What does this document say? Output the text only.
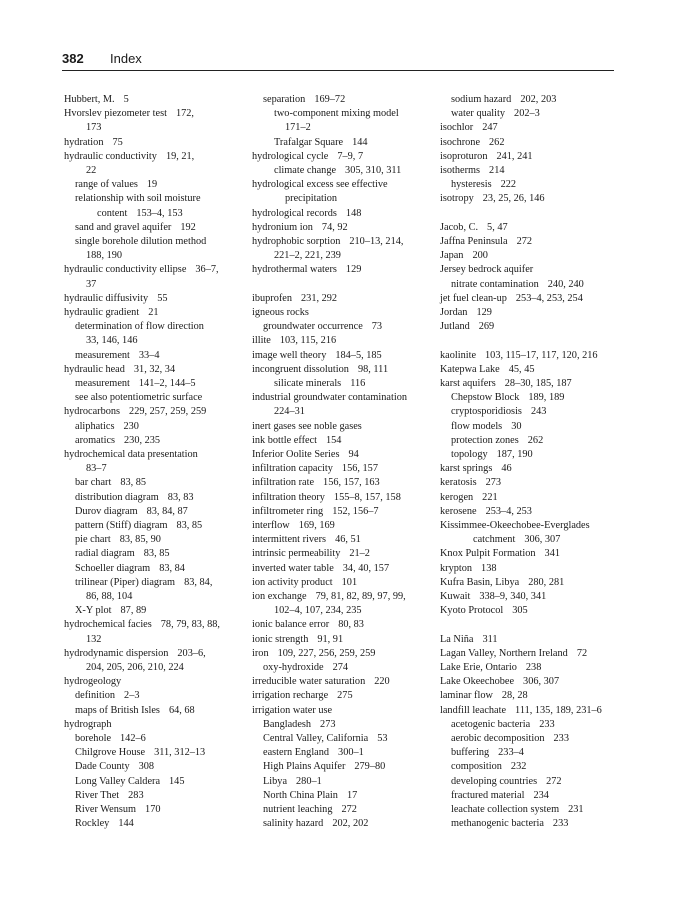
382 Index
Hubbert, M. 5
Hvorslev piezometer test 172,
173
hydration 75
hydraulic conductivity 19, 21,
22
range of values 19
relationship with soil moisture
content 153–4, 153
sand and gravel aquifer 192
single borehole dilution method
188, 190
hydraulic conductivity ellipse 36–7,
37
hydraulic diffusivity 55
hydraulic gradient 21
determination of flow direction
33, 146, 146
measurement 33–4
hydraulic head 31, 32, 34
measurement 141–2, 144–5
see also potentiometric surface
hydrocarbons 229, 257, 259, 259
aliphatics 230
aromatics 230, 235
hydrochemical data presentation
83–7
bar chart 83, 85
distribution diagram 83, 83
Durov diagram 83, 84, 87
pattern (Stiff) diagram 83, 85
pie chart 83, 85, 90
radial diagram 83, 85
Schoeller diagram 83, 84
trilinear (Piper) diagram 83, 84,
86, 88, 104
X-Y plot 87, 89
hydrochemical facies 78, 79, 83, 88,
132
hydrodynamic dispersion 203–6,
204, 205, 206, 210, 224
hydrogeology
definition 2–3
maps of British Isles 64, 68
hydrograph
borehole 142–6
Chilgrove House 311, 312–13
Dade County 308
Long Valley Caldera 145
River Thet 283
River Wensum 170
Rockley 144
separation 169–72
two-component mixing model
171–2
Trafalgar Square 144
hydrological cycle 7–9, 7
climate change 305, 310, 311
hydrological excess see effective
precipitation
hydrological records 148
hydronium ion 74, 92
hydrophobic sorption 210–13, 214,
221–2, 221, 239
hydrothermal waters 129
ibuprofen 231, 292
igneous rocks
groundwater occurrence 73
illite 103, 115, 216
image well theory 184–5, 185
incongruent dissolution 98, 111
silicate minerals 116
industrial groundwater contamination
224–31
inert gases see noble gases
ink bottle effect 154
Inferior Oolite Series 94
infiltration capacity 156, 157
infiltration rate 156, 157, 163
infiltration theory 155–8, 157, 158
infiltrometer ring 152, 156–7
interflow 169, 169
intermittent rivers 46, 51
intrinsic permeability 21–2
inverted water table 34, 40, 157
ion activity product 101
ion exchange 79, 81, 82, 89, 97, 99,
102–4, 107, 234, 235
ionic balance error 80, 83
ionic strength 91, 91
iron 109, 227, 256, 259, 259
oxy-hydroxide 274
irreducible water saturation 220
irrigation recharge 275
irrigation water use
Bangladesh 273
Central Valley, California 53
eastern England 300–1
High Plains Aquifer 279–80
Libya 280–1
North China Plain 17
nutrient leaching 272
salinity hazard 202, 202
sodium hazard 202, 203
water quality 202–3
isochlor 247
isochrone 262
isoproturon 241, 241
isotherms 214
hysteresis 222
isotropy 23, 25, 26, 146
Jacob, C. 5, 47
Jaffna Peninsula 272
Japan 200
Jersey bedrock aquifer
nitrate contamination 240, 240
jet fuel clean-up 253–4, 253, 254
Jordan 129
Jutland 269
kaolinite 103, 115–17, 117, 120, 216
Katepwa Lake 45, 45
karst aquifers 28–30, 185, 187
Chepstow Block 189, 189
cryptosporidiosis 243
flow models 30
protection zones 262
topology 187, 190
karst springs 46
keratosis 273
kerogen 221
kerosene 253–4, 253
Kissimmee-Okeechobee-Everglades
catchment 306, 307
Knox Pulpit Formation 341
krypton 138
Kufra Basin, Libya 280, 281
Kuwait 338–9, 340, 341
Kyoto Protocol 305
La Niña 311
Lagan Valley, Northern Ireland 72
Lake Erie, Ontario 238
Lake Okeechobee 306, 307
laminar flow 28, 28
landfill leachate 111, 135, 189, 231–6
acetogenic bacteria 233
aerobic decomposition 233
buffering 233–4
composition 232
developing countries 272
fractured material 234
leachate collection system 231
methanogenic bacteria 233
